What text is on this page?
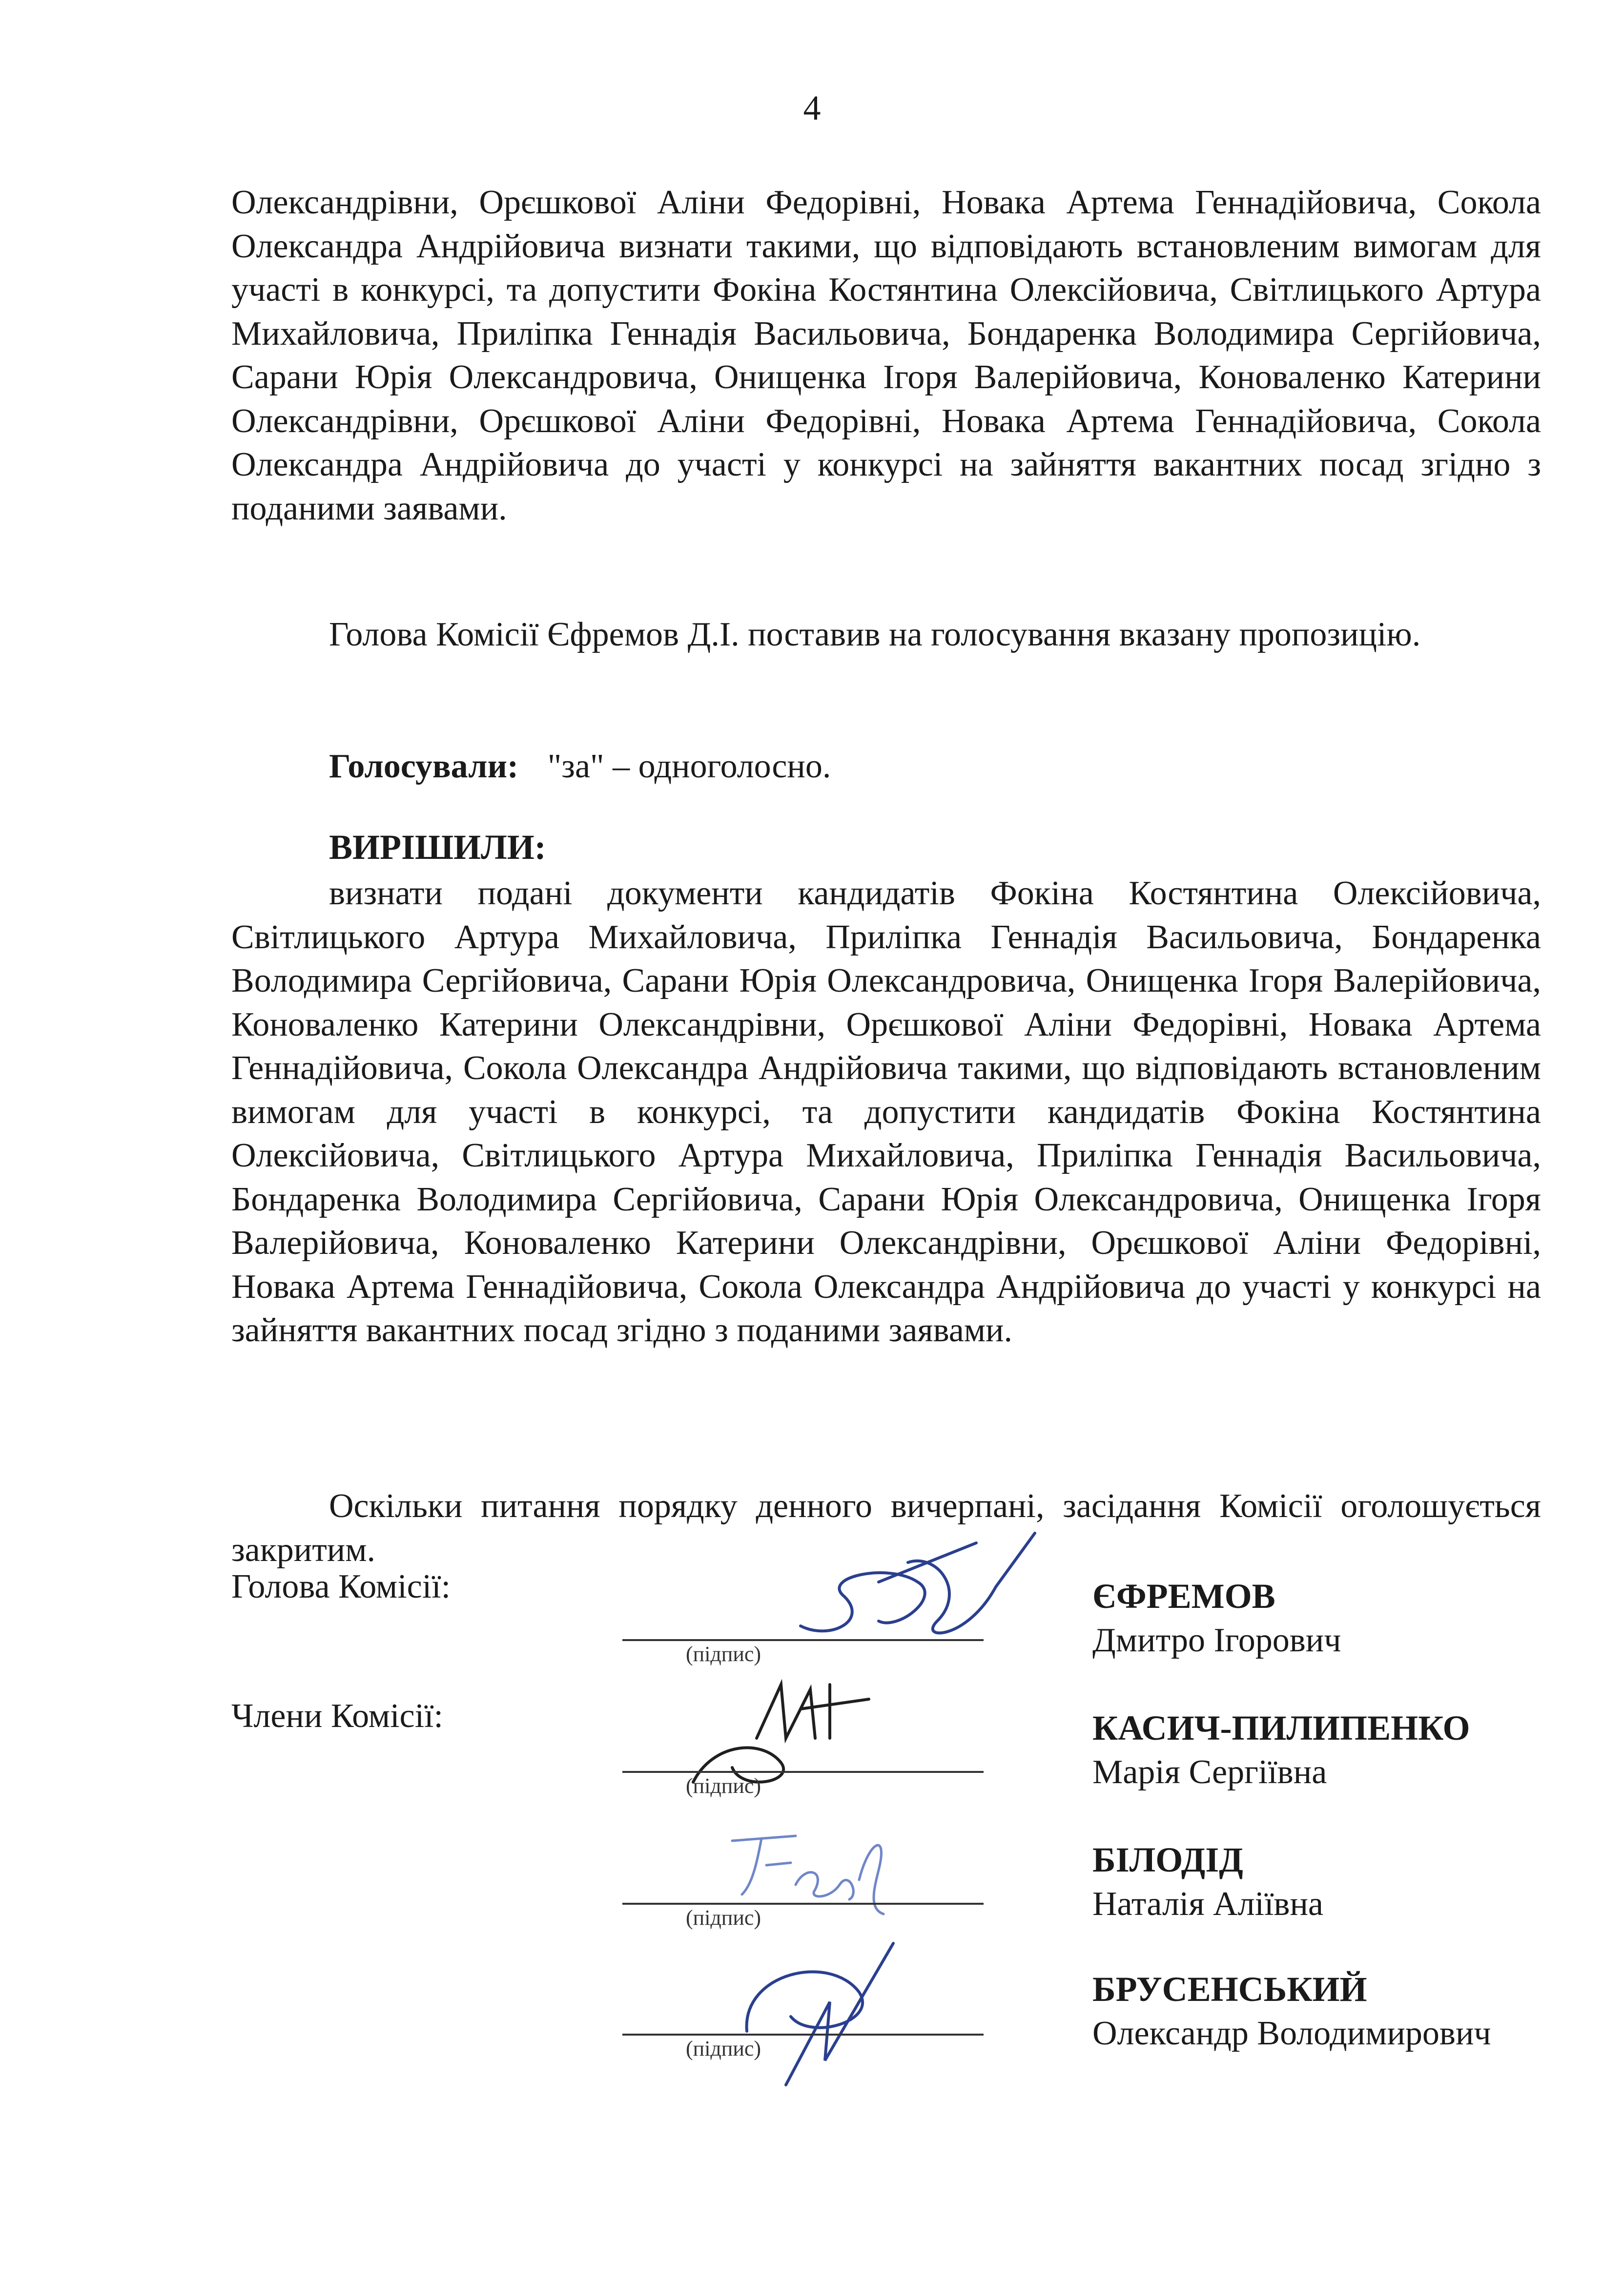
4
Олександрівни, Орєшкової Аліни Федорівні, Новака Артема Геннадійовича, Сокола Олександра Андрійовича визнати такими, що відповідають встановленим вимогам для участі в конкурсі, та допустити Фокіна Костянтина Олексійовича, Світлицького Артура Михайловича, Приліпка Геннадія Васильовича, Бондаренка Володимира Сергійовича, Сарани Юрія Олександровича, Онищенка Ігоря Валерійовича, Коноваленко Катерини Олександрівни, Орєшкової Аліни Федорівні, Новака Артема Геннадійовича, Сокола Олександра Андрійовича до участі у конкурсі на зайняття вакантних посад згідно з поданими заявами.
Голова Комісії Єфремов Д.І. поставив на голосування вказану пропозицію.
Голосували: "за" – одноголосно.
ВИРІШИЛИ:
визнати подані документи кандидатів Фокіна Костянтина Олексійовича, Світлицького Артура Михайловича, Приліпка Геннадія Васильовича, Бондаренка Володимира Сергійовича, Сарани Юрія Олександровича, Онищенка Ігоря Валерійовича, Коноваленко Катерини Олександрівни, Орєшкової Аліни Федорівні, Новака Артема Геннадійовича, Сокола Олександра Андрійовича такими, що відповідають встановленим вимогам для участі в конкурсі, та допустити кандидатів Фокіна Костянтина Олексійовича, Світлицького Артура Михайловича, Приліпка Геннадія Васильовича, Бондаренка Володимира Сергійовича, Сарани Юрія Олександровича, Онищенка Ігоря Валерійовича, Коноваленко Катерини Олександрівни, Орєшкової Аліни Федорівні, Новака Артема Геннадійовича, Сокола Олександра Андрійовича до участі у конкурсі на зайняття вакантних посад згідно з поданими заявами.
Оскільки питання порядку денного вичерпані, засідання Комісії оголошується закритим.
Голова Комісії:
(підпис)
ЄФРЕМОВ
Дмитро Ігорович
Члени Комісії:
(підпис)
КАСИЧ-ПИЛИПЕНКО
Марія Сергіївна
(підпис)
БІЛОДІД
Наталія Аліївна
(підпис)
БРУСЕНСЬКИЙ
Олександр Володимирович
